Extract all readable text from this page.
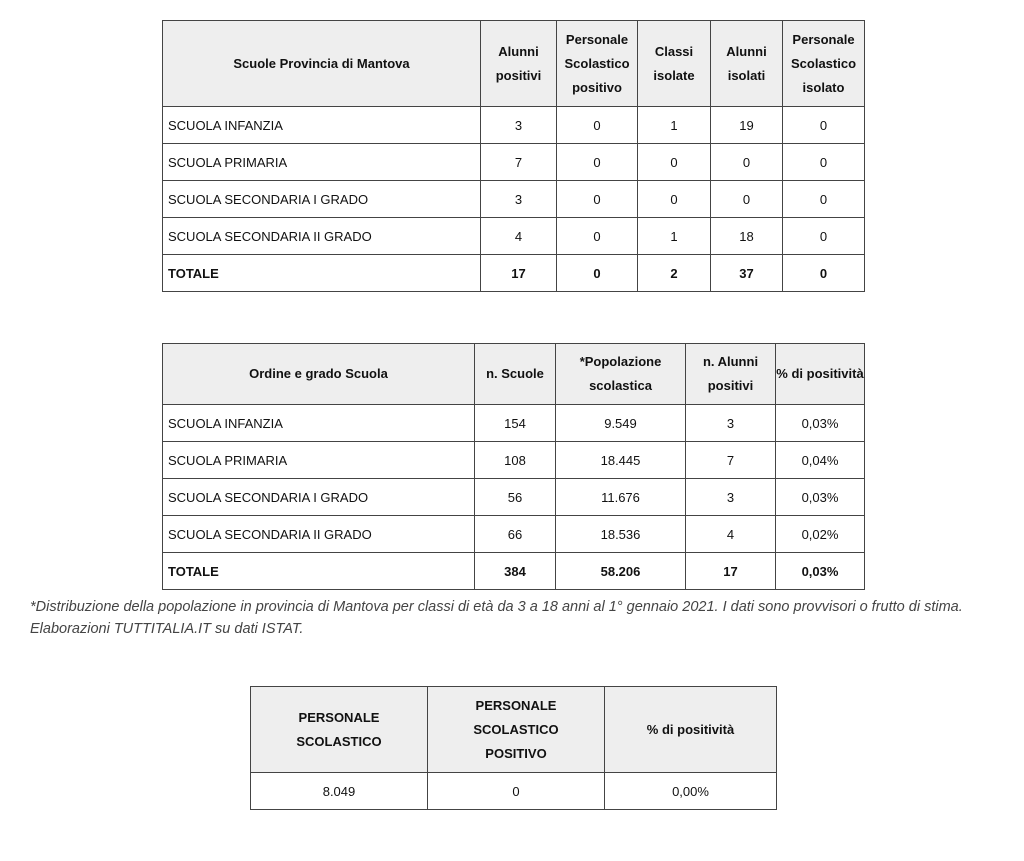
Scuole Provincia di Mantova	Alunni positivi	Personale Scolastico positivo	Classi isolate	Alunni isolati	Personale Scolastico isolato
SCUOLA INFANZIA	3	0	1	19	0
SCUOLA PRIMARIA	7	0	0	0	0
SCUOLA SECONDARIA I GRADO	3	0	0	0	0
SCUOLA SECONDARIA II GRADO	4	0	1	18	0
TOTALE	17	0	2	37	0
Ordine e grado Scuola	n. Scuole	*Popolazione scolastica	n. Alunni positivi	% di positività
SCUOLA INFANZIA	154	9.549	3	0,03%
SCUOLA PRIMARIA	108	18.445	7	0,04%
SCUOLA SECONDARIA I GRADO	56	11.676	3	0,03%
SCUOLA SECONDARIA II GRADO	66	18.536	4	0,02%
TOTALE	384	58.206	17	0,03%
*Distribuzione della popolazione in provincia di Mantova per classi di età da 3 a 18 anni al 1° gennaio 2021. I dati sono provvisori o frutto di stima. Elaborazioni TUTTITALIA.IT su dati ISTAT.
PERSONALE SCOLASTICO	PERSONALE SCOLASTICO POSITIVO	% di positività
8.049	0	0,00%
